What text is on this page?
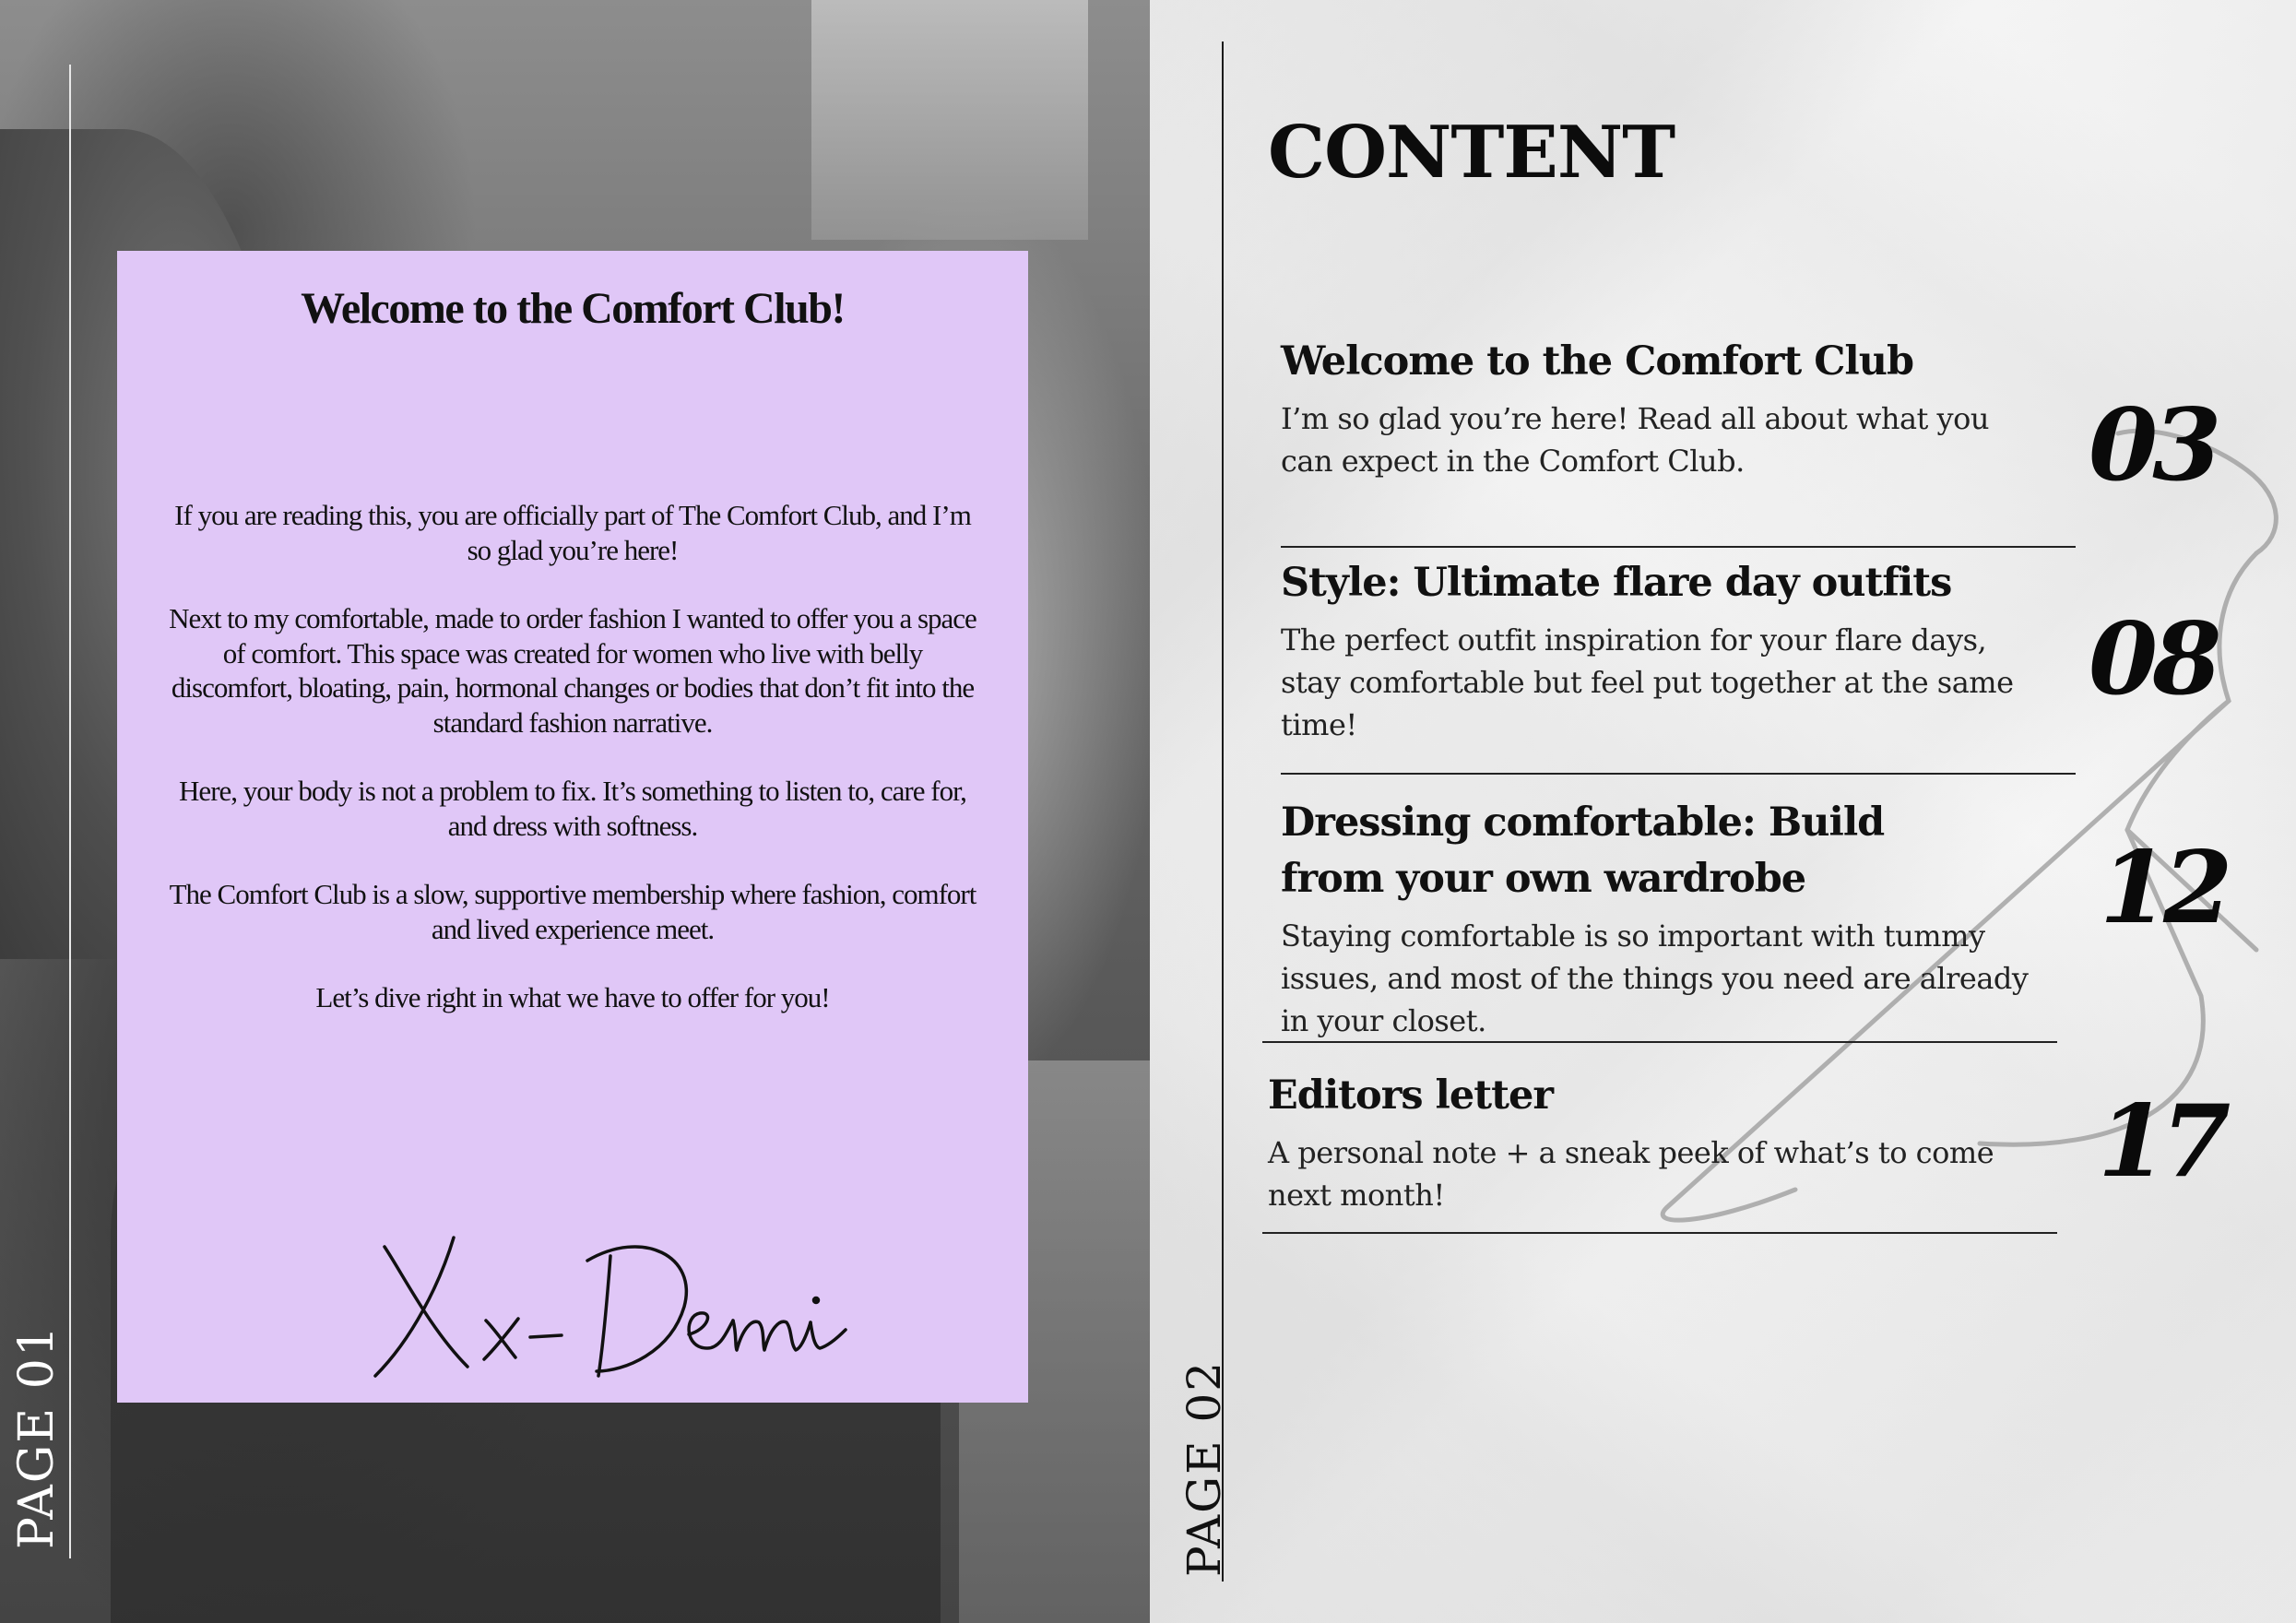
PAGE 01
Welcome to the Comfort Club!

If you are reading this, you are officially part of The Comfort Club, and I’m so glad you’re here!

Next to my comfortable, made to order fashion I wanted to offer you a space of comfort. This space was created for women who live with belly discomfort, bloating, pain, hormonal changes or bodies that don’t fit into the standard fashion narrative.

Here, your body is not a problem to fix. It’s something to listen to, care for, and dress with softness.

The Comfort Club is a slow, supportive membership where fashion, comfort and lived experience meet.

Let’s dive right in what we have to offer for you!

PAGE 02
CONTENT
Welcome to the Comfort Club
I’m so glad you’re here! Read all about what you can expect in the Comfort Club.	03
Style: Ultimate flare day outfits
The perfect outfit inspiration for your flare days, stay comfortable but feel put together at the same time!
08
Dressing comfortable: Build from your own wardrobe
Staying comfortable is so important with tummy issues, and most of the things you need are already in your closet.
12
Editors letter
A personal note + a sneak peek of what’s to come next month!	17
